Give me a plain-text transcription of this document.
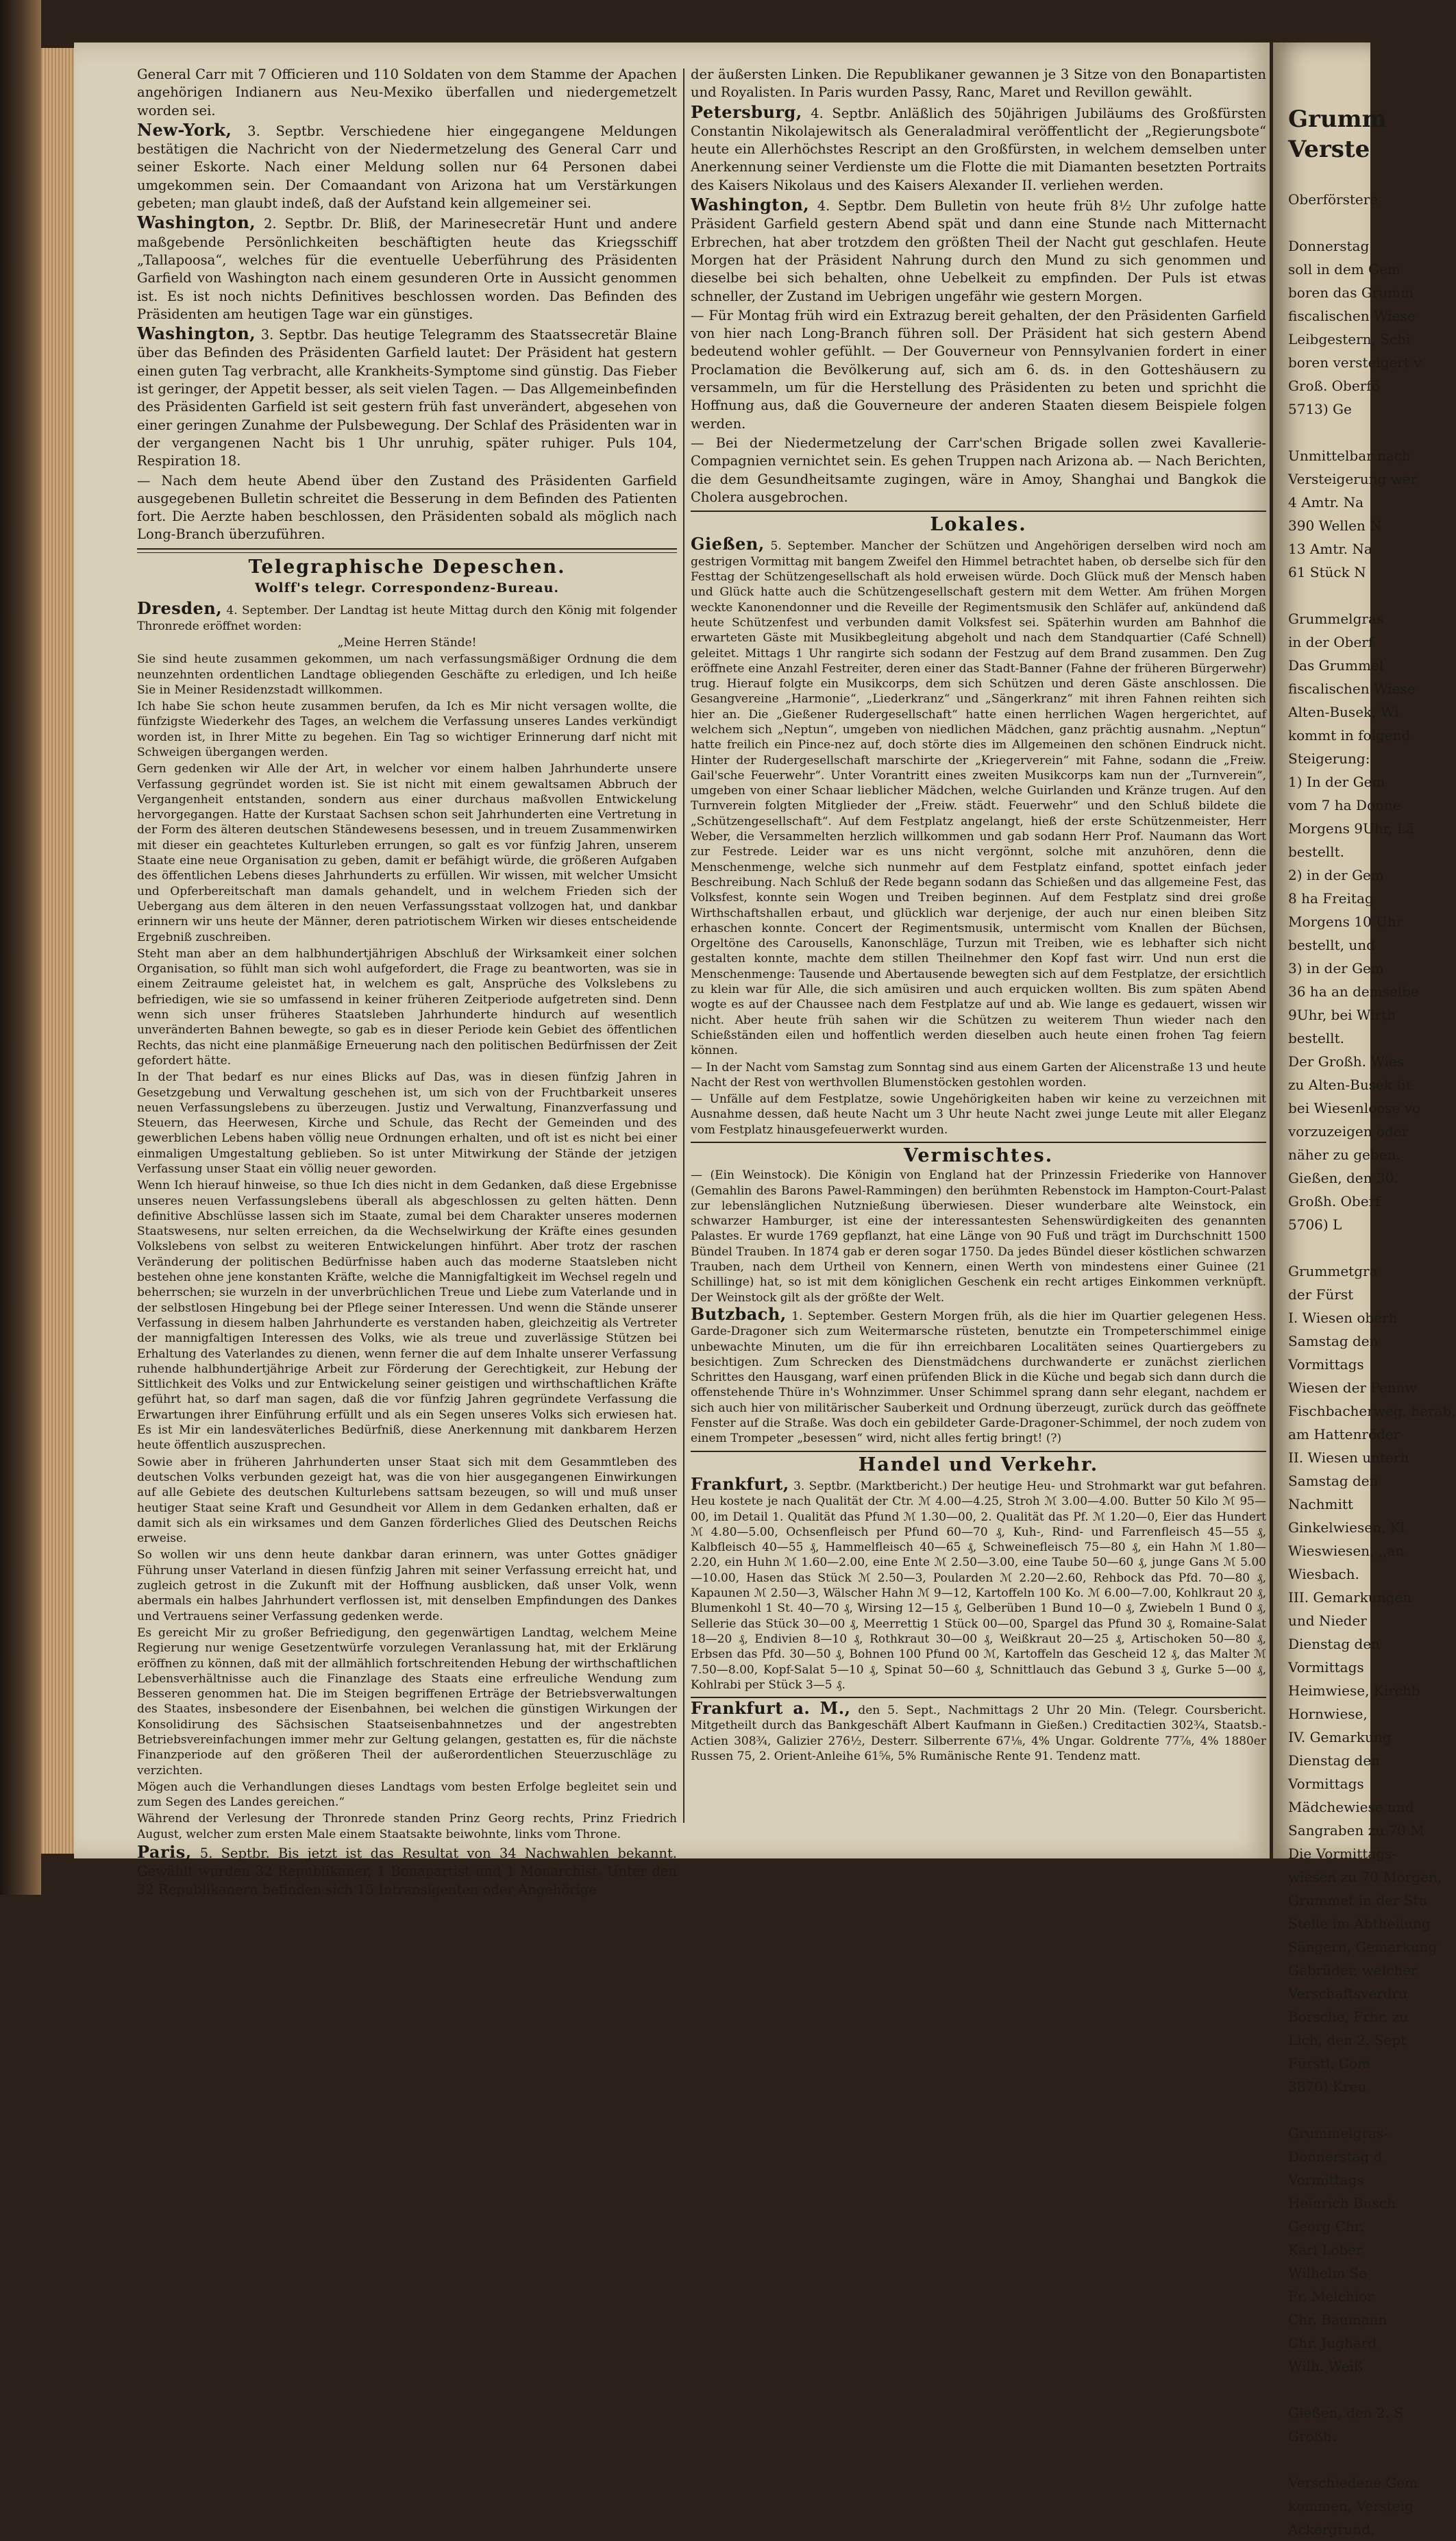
General Carr mit 7 Officieren und 110 Soldaten von dem Stamme der Apachen angehörigen Indianern aus Neu-Mexiko überfallen und niedergemetzelt worden sei.

New-York, 3. Septbr. Verschiedene hier eingegangene Meldungen bestätigen die Nachricht von der Niedermetzelung des General Carr und seiner Eskorte. Nach einer Meldung sollen nur 64 Personen dabei umgekommen sein. Der Comaandant von Arizona hat um Verstärkungen gebeten; man glaubt indeß, daß der Aufstand kein allgemeiner sei.

Washington, 2. Septbr. Dr. Bliß, der Marinesecretär Hunt und andere maßgebende Persönlichkeiten beschäftigten heute das Kriegsschiff „Tallapoosa“, welches für die eventuelle Ueberführung des Präsidenten Garfield von Washington nach einem gesunderen Orte in Aussicht genommen ist. Es ist noch nichts Definitives beschlossen worden. Das Befinden des Präsidenten am heutigen Tage war ein günstiges.

Washington, 3. Septbr. Das heutige Telegramm des Staatssecretär Blaine über das Befinden des Präsidenten Garfield lautet: Der Präsident hat gestern einen guten Tag verbracht, alle Krankheits-Symptome sind günstig. Das Fieber ist geringer, der Appetit besser, als seit vielen Tagen. — Das Allgemeinbefinden des Präsidenten Garfield ist seit gestern früh fast unverändert, abgesehen von einer geringen Zunahme der Pulsbewegung. Der Schlaf des Präsidenten war in der vergangenen Nacht bis 1 Uhr unruhig, später ruhiger. Puls 104, Respiration 18.

— Nach dem heute Abend über den Zustand des Präsidenten Garfield ausgegebenen Bulletin schreitet die Besserung in dem Befinden des Patienten fort. Die Aerzte haben beschlossen, den Präsidenten sobald als möglich nach Long-Branch überzuführen.

Telegraphische Depeschen.
Wolff's telegr. Correspondenz-Bureau.

Dresden, 4. September. Der Landtag ist heute Mittag durch den König mit folgender Thronrede eröffnet worden:

„Meine Herren Stände!

Sie sind heute zusammen gekommen, um nach verfassungsmäßiger Ordnung die dem neunzehnten ordentlichen Landtage obliegenden Geschäfte zu erledigen, und Ich heiße Sie in Meiner Residenzstadt willkommen.

Ich habe Sie schon heute zusammen berufen, da Ich es Mir nicht versagen wollte, die fünfzigste Wiederkehr des Tages, an welchem die Verfassung unseres Landes verkündigt worden ist, in Ihrer Mitte zu begehen. Ein Tag so wichtiger Erinnerung darf nicht mit Schweigen übergangen werden.

Gern gedenken wir Alle der Art, in welcher vor einem halben Jahrhunderte unsere Verfassung gegründet worden ist. Sie ist nicht mit einem gewaltsamen Abbruch der Vergangenheit entstanden, sondern aus einer durchaus maßvollen Entwickelung hervorgegangen. Hatte der Kurstaat Sachsen schon seit Jahrhunderten eine Vertretung in der Form des älteren deutschen Ständewesens besessen, und in treuem Zusammenwirken mit dieser ein geachtetes Kulturleben errungen, so galt es vor fünfzig Jahren, unserem Staate eine neue Organisation zu geben, damit er befähigt würde, die größeren Aufgaben des öffentlichen Lebens dieses Jahrhunderts zu erfüllen. Wir wissen, mit welcher Umsicht und Opferbereitschaft man damals gehandelt, und in welchem Frieden sich der Uebergang aus dem älteren in den neuen Verfassungsstaat vollzogen hat, und dankbar erinnern wir uns heute der Männer, deren patriotischem Wirken wir dieses entscheidende Ergebniß zuschreiben.

Steht man aber an dem halbhundertjährigen Abschluß der Wirksamkeit einer solchen Organisation, so fühlt man sich wohl aufgefordert, die Frage zu beantworten, was sie in einem Zeitraume geleistet hat, in welchem es galt, Ansprüche des Volkslebens zu befriedigen, wie sie so umfassend in keiner früheren Zeitperiode aufgetreten sind. Denn wenn sich unser früheres Staatsleben Jahrhunderte hindurch auf wesentlich unveränderten Bahnen bewegte, so gab es in dieser Periode kein Gebiet des öffentlichen Rechts, das nicht eine planmäßige Erneuerung nach den politischen Bedürfnissen der Zeit gefordert hätte.

In der That bedarf es nur eines Blicks auf Das, was in diesen fünfzig Jahren in Gesetzgebung und Verwaltung geschehen ist, um sich von der Fruchtbarkeit unseres neuen Verfassungslebens zu überzeugen. Justiz und Verwaltung, Finanzverfassung und Steuern, das Heerwesen, Kirche und Schule, das Recht der Gemeinden und des gewerblichen Lebens haben völlig neue Ordnungen erhalten, und oft ist es nicht bei einer einmaligen Umgestaltung geblieben. So ist unter Mitwirkung der Stände der jetzigen Verfassung unser Staat ein völlig neuer geworden.

Wenn Ich hierauf hinweise, so thue Ich dies nicht in dem Gedanken, daß diese Ergebnisse unseres neuen Verfassungslebens überall als abgeschlossen zu gelten hätten. Denn definitive Abschlüsse lassen sich im Staate, zumal bei dem Charakter unseres modernen Staatswesens, nur selten erreichen, da die Wechselwirkung der Kräfte eines gesunden Volkslebens von selbst zu weiteren Entwickelungen hinführt. Aber trotz der raschen Veränderung der politischen Bedürfnisse haben auch das moderne Staatsleben nicht bestehen ohne jene konstanten Kräfte, welche die Mannigfaltigkeit im Wechsel regeln und beherrschen; sie wurzeln in der unverbrüchlichen Treue und Liebe zum Vaterlande und in der selbstlosen Hingebung bei der Pflege seiner Interessen. Und wenn die Stände unserer Verfassung in diesem halben Jahrhunderte es verstanden haben, gleichzeitig als Vertreter der mannigfaltigen Interessen des Volks, wie als treue und zuverlässige Stützen bei Erhaltung des Vaterlandes zu dienen, wenn ferner die auf dem Inhalte unserer Verfassung ruhende halbhundertjährige Arbeit zur Förderung der Gerechtigkeit, zur Hebung der Sittlichkeit des Volks und zur Entwickelung seiner geistigen und wirthschaftlichen Kräfte geführt hat, so darf man sagen, daß die vor fünfzig Jahren gegründete Verfassung die Erwartungen ihrer Einführung erfüllt und als ein Segen unseres Volks sich erwiesen hat. Es ist Mir ein landesväterliches Bedürfniß, diese Anerkennung mit dankbarem Herzen heute öffentlich auszusprechen.

Sowie aber in früheren Jahrhunderten unser Staat sich mit dem Gesammtleben des deutschen Volks verbunden gezeigt hat, was die von hier ausgegangenen Einwirkungen auf alle Gebiete des deutschen Kulturlebens sattsam bezeugen, so will und muß unser heutiger Staat seine Kraft und Gesundheit vor Allem in dem Gedanken erhalten, daß er damit sich als ein wirksames und dem Ganzen förderliches Glied des Deutschen Reichs erweise.

So wollen wir uns denn heute dankbar daran erinnern, was unter Gottes gnädiger Führung unser Vaterland in diesen fünfzig Jahren mit seiner Verfassung erreicht hat, und zugleich getrost in die Zukunft mit der Hoffnung ausblicken, daß unser Volk, wenn abermals ein halbes Jahrhundert verflossen ist, mit denselben Empfindungen des Dankes und Vertrauens seiner Verfassung gedenken werde.

Es gereicht Mir zu großer Befriedigung, den gegenwärtigen Landtag, welchem Meine Regierung nur wenige Gesetzentwürfe vorzulegen Veranlassung hat, mit der Erklärung eröffnen zu können, daß mit der allmählich fortschreitenden Hebung der wirthschaftlichen Lebensverhältnisse auch die Finanzlage des Staats eine erfreuliche Wendung zum Besseren genommen hat. Die im Steigen begriffenen Erträge der Betriebsverwaltungen des Staates, insbesondere der Eisenbahnen, bei welchen die günstigen Wirkungen der Konsolidirung des Sächsischen Staatseisenbahnnetzes und der angestrebten Betriebsvereinfachungen immer mehr zur Geltung gelangen, gestatten es, für die nächste Finanzperiode auf den größeren Theil der außerordentlichen Steuerzuschläge zu verzichten.

Mögen auch die Verhandlungen dieses Landtags vom besten Erfolge begleitet sein und zum Segen des Landes gereichen.“

Während der Verlesung der Thronrede standen Prinz Georg rechts, Prinz Friedrich August, welcher zum ersten Male einem Staatsakte beiwohnte, links vom Throne.

Paris, 5. Septbr. Bis jetzt ist das Resultat von 34 Nachwahlen bekannt. Gewählt wurden 32 Republikaner, 1 Bonapartist und 1 Monarchist. Unter den 32 Republikanern befinden sich 15 Intransigenten oder Angehörige

der äußersten Linken. Die Republikaner gewannen je 3 Sitze von den Bonapartisten und Royalisten. In Paris wurden Passy, Ranc, Maret und Revillon gewählt.

Petersburg, 4. Septbr. Anläßlich des 50jährigen Jubiläums des Großfürsten Constantin Nikolajewitsch als Generaladmiral veröffentlicht der „Regierungsbote“ heute ein Allerhöchstes Rescript an den Großfürsten, in welchem demselben unter Anerkennung seiner Verdienste um die Flotte die mit Diamanten besetzten Portraits des Kaisers Nikolaus und des Kaisers Alexander II. verliehen werden.

Washington, 4. Septbr. Dem Bulletin von heute früh 8½ Uhr zufolge hatte Präsident Garfield gestern Abend spät und dann eine Stunde nach Mitternacht Erbrechen, hat aber trotzdem den größten Theil der Nacht gut geschlafen. Heute Morgen hat der Präsident Nahrung durch den Mund zu sich genommen und dieselbe bei sich behalten, ohne Uebelkeit zu empfinden. Der Puls ist etwas schneller, der Zustand im Uebrigen ungefähr wie gestern Morgen.

— Für Montag früh wird ein Extrazug bereit gehalten, der den Präsidenten Garfield von hier nach Long-Branch führen soll. Der Präsident hat sich gestern Abend bedeutend wohler gefühlt. — Der Gouverneur von Pennsylvanien fordert in einer Proclamation die Bevölkerung auf, sich am 6. ds. in den Gotteshäusern zu versammeln, um für die Herstellung des Präsidenten zu beten und sprichht die Hoffnung aus, daß die Gouverneure der anderen Staaten diesem Beispiele folgen werden.

— Bei der Niedermetzelung der Carr'schen Brigade sollen zwei Kavallerie-Compagnien vernichtet sein. Es gehen Truppen nach Arizona ab. — Nach Berichten, die dem Gesundheitsamte zugingen, wäre in Amoy, Shanghai und Bangkok die Cholera ausgebrochen.

Lokales.

Gießen, 5. September. Mancher der Schützen und Angehörigen derselben wird noch am gestrigen Vormittag mit bangem Zweifel den Himmel betrachtet haben, ob derselbe sich für den Festtag der Schützengesellschaft als hold erweisen würde. Doch Glück muß der Mensch haben und Glück hatte auch die Schützengesellschaft gestern mit dem Wetter. Am frühen Morgen weckte Kanonendonner und die Reveille der Regimentsmusik den Schläfer auf, ankündend daß heute Schützenfest und verbunden damit Volksfest sei. Späterhin wurden am Bahnhof die erwarteten Gäste mit Musikbegleitung abgeholt und nach dem Standquartier (Café Schnell) geleitet. Mittags 1 Uhr rangirte sich sodann der Festzug auf dem Brand zusammen. Den Zug eröffnete eine Anzahl Festreiter, deren einer das Stadt-Banner (Fahne der früheren Bürgerwehr) trug. Hierauf folgte ein Musikcorps, dem sich Schützen und deren Gäste anschlossen. Die Gesangvereine „Harmonie“, „Liederkranz“ und „Sängerkranz“ mit ihren Fahnen reihten sich hier an. Die „Gießener Rudergesellschaft“ hatte einen herrlichen Wagen hergerichtet, auf welchem sich „Neptun“, umgeben von niedlichen Mädchen, ganz prächtig ausnahm. „Neptun“ hatte freilich ein Pince-nez auf, doch störte dies im Allgemeinen den schönen Eindruck nicht. Hinter der Rudergesellschaft marschirte der „Kriegerverein“ mit Fahne, sodann die „Freiw. Gail'sche Feuerwehr“. Unter Vorantritt eines zweiten Musikcorps kam nun der „Turnverein“, umgeben von einer Schaar lieblicher Mädchen, welche Guirlanden und Kränze trugen. Auf den Turnverein folgten Mitglieder der „Freiw. städt. Feuerwehr“ und den Schluß bildete die „Schützengesellschaft“. Auf dem Festplatz angelangt, hieß der erste Schützenmeister, Herr Weber, die Versammelten herzlich willkommen und gab sodann Herr Prof. Naumann das Wort zur Festrede. Leider war es uns nicht vergönnt, solche mit anzuhören, denn die Menschenmenge, welche sich nunmehr auf dem Festplatz einfand, spottet einfach jeder Beschreibung. Nach Schluß der Rede begann sodann das Schießen und das allgemeine Fest, das Volksfest, konnte sein Wogen und Treiben beginnen. Auf dem Festplatz sind drei große Wirthschaftshallen erbaut, und glücklich war derjenige, der auch nur einen bleiben Sitz erhaschen konnte. Concert der Regimentsmusik, untermischt vom Knallen der Büchsen, Orgeltöne des Carousells, Kanonschläge, Turzun mit Treiben, wie es lebhafter sich nicht gestalten konnte, machte dem stillen Theilnehmer den Kopf fast wirr. Und nun erst die Menschenmenge: Tausende und Abertausende bewegten sich auf dem Festplatze, der ersichtlich zu klein war für Alle, die sich amüsiren und auch erquicken wollten. Bis zum späten Abend wogte es auf der Chaussee nach dem Festplatze auf und ab. Wie lange es gedauert, wissen wir nicht. Aber heute früh sahen wir die Schützen zu weiterem Thun wieder nach den Schießständen eilen und hoffentlich werden dieselben auch heute einen frohen Tag feiern können.

— In der Nacht vom Samstag zum Sonntag sind aus einem Garten der Alicenstraße 13 und heute Nacht der Rest von werthvollen Blumenstöcken gestohlen worden.

— Unfälle auf dem Festplatze, sowie Ungehörigkeiten haben wir keine zu verzeichnen mit Ausnahme dessen, daß heute Nacht um 3 Uhr heute Nacht zwei junge Leute mit aller Eleganz vom Festplatz hinausgefeuerwerkt wurden.

Vermischtes.

— (Ein Weinstock). Die Königin von England hat der Prinzessin Friederike von Hannover (Gemahlin des Barons Pawel-Rammingen) den berühmten Rebenstock im Hampton-Court-Palast zur lebenslänglichen Nutznießung überwiesen. Dieser wunderbare alte Weinstock, ein schwarzer Hamburger, ist eine der interessantesten Sehenswürdigkeiten des genannten Palastes. Er wurde 1769 gepflanzt, hat eine Länge von 90 Fuß und trägt im Durchschnitt 1500 Bündel Trauben. In 1874 gab er deren sogar 1750. Da jedes Bündel dieser köstlichen schwarzen Trauben, nach dem Urtheil von Kennern, einen Werth von mindestens einer Guinee (21 Schillinge) hat, so ist mit dem königlichen Geschenk ein recht artiges Einkommen verknüpft. Der Weinstock gilt als der größte der Welt.

Butzbach, 1. September. Gestern Morgen früh, als die hier im Quartier gelegenen Hess. Garde-Dragoner sich zum Weitermarsche rüsteten, benutzte ein Trompeterschimmel einige unbewachte Minuten, um die für ihn erreichbaren Localitäten seines Quartiergebers zu besichtigen. Zum Schrecken des Dienstmädchens durchwanderte er zunächst zierlichen Schrittes den Hausgang, warf einen prüfenden Blick in die Küche und begab sich dann durch die offenstehende Thüre in's Wohnzimmer. Unser Schimmel sprang dann sehr elegant, nachdem er sich auch hier von militärischer Sauberkeit und Ordnung überzeugt, zurück durch das geöffnete Fenster auf die Straße. Was doch ein gebildeter Garde-Dragoner-Schimmel, der noch zudem von einem Trompeter „besessen“ wird, nicht alles fertig bringt! (?)

Handel und Verkehr.

Frankfurt, 3. Septbr. (Marktbericht.) Der heutige Heu- und Strohmarkt war gut befahren. Heu kostete je nach Qualität der Ctr. ℳ 4.00—4.25, Stroh ℳ 3.00—4.00. Butter 50 Kilo ℳ 95—00, im Detail 1. Qualität das Pfund ℳ 1.30—00, 2. Qualität das Pf. ℳ 1.20—0, Eier das Hundert ℳ 4.80—5.00, Ochsenfleisch per Pfund 60—70 ₰, Kuh-, Rind- und Farrenfleisch 45—55 ₰, Kalbfleisch 40—55 ₰, Hammelfleisch 40—65 ₰, Schweinefleisch 75—80 ₰, ein Hahn ℳ 1.80—2.20, ein Huhn ℳ 1.60—2.00, eine Ente ℳ 2.50—3.00, eine Taube 50—60 ₰, junge Gans ℳ 5.00—10.00, Hasen das Stück ℳ 2.50—3, Poularden ℳ 2.20—2.60, Rehbock das Pfd. 70—80 ₰, Kapaunen ℳ 2.50—3, Wälscher Hahn ℳ 9—12, Kartoffeln 100 Ko. ℳ 6.00—7.00, Kohlkraut 20 ₰, Blumenkohl 1 St. 40—70 ₰, Wirsing 12—15 ₰, Gelberüben 1 Bund 10—0 ₰, Zwiebeln 1 Bund 0 ₰, Sellerie das Stück 30—00 ₰, Meerrettig 1 Stück 00—00, Spargel das Pfund 30 ₰, Romaine-Salat 18—20 ₰, Endivien 8—10 ₰, Rothkraut 30—00 ₰, Weißkraut 20—25 ₰, Artischoken 50—80 ₰, Erbsen das Pfd. 30—50 ₰, Bohnen 100 Pfund 00 ℳ, Kartoffeln das Gescheid 12 ₰, das Malter ℳ 7.50—8.00, Kopf-Salat 5—10 ₰, Spinat 50—60 ₰, Schnittlauch das Gebund 3 ₰, Gurke 5—00 ₰, Kohlrabi per Stück 3—5 ₰.

Frankfurt a. M., den 5. Sept., Nachmittags 2 Uhr 20 Min. (Telegr. Coursbericht. Mitgetheilt durch das Bankgeschäft Albert Kaufmann in Gießen.) Creditactien 302¾, Staatsb.-Actien 308¾, Galizier 276½, Desterr. Silberrente 67⅛, 4% Ungar. Goldrente 77⅞, 4% 1880er Russen 75, 2. Orient-Anleihe 61⅝, 5% Rumänische Rente 91. Tendenz matt.

Grumm

Verste

Oberförstere

Donnerstag

soll in dem Gem

boren das Grumm

fiscalischen Wiese

Leibgestern, Schi

boren versteigert v

Groß. Oberfö

5713) Ge

Unmittelbar nach

Versteigerung wer

4 Amtr. Na

390 Wellen N

13 Amtr. Na

61 Stück N

Grummelgras

in der Oberf

Das Grummel

fiscalischen Wiese

Alten-Busek, Wi

kommt in folgend

Steigerung:

1) In der Gem

vom 7 ha Donne

Morgens 9Uhr, Lä

bestellt.

2) in der Gem

8 ha Freitag

Morgens 10 Uhr

bestellt, und

3) in der Gem

36 ha an demselbe

9Uhr, bei Wirth

bestellt.

Der Großh. Wies

zu Alten-Busek fit

bei Wiesenloose vo

vorzuzeigen oder

näher zu geben.

Gießen, den 30.

Großh. Oberf

5706) L

Grummetgra

der Fürst

I. Wiesen oberh

Samstag den

Vormittags

Wiesen der Pennw

Fischbacherweg, herab,

am Hattenröder

II. Wiesen unterh

Samstag den

Nachmitt

Ginkelwiesen, Kl

Wieswiesen, ,,an

Wiesbach.

III. Gemarkungen

und Nieder

Dienstag den

Vormittags

Heimwiese, Kirchb

Hornwiese,

IV. Gemarkung

Dienstag den

Vormittags

Mädchewiese und

Sangraben zu 70 M

Die Vormittags-

wiesen zu 70 Morgen,

Grummet in der Stu

Stelle im Abtheilung

Sängern, Gemarkung

Gebrüder, welcher

Verschaftsverdru

Borsche, Frhr. zu

Lich, den 2. Sept

Fürstl. Com

3870) Kreu

Grummelgras-

Donnerstag d

Vormittags

Heinrich Busch

Georg Chr.

Karl Lober

Wilhelm Se

Fr. Melchior

Chr. Baumann

Chr. Jughard

Wilh. Weiß

Gießen, den 2. S

Großh.

Verschiedene Gem

kommen, Versteig

Ackergrund,
